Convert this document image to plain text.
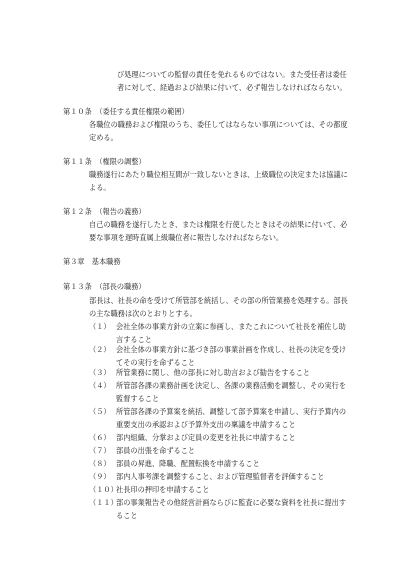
び処理についての監督の責任を免れるものではない。また受任者は委任
者に対して、経過および結果に付いて、必ず報告しなければならない。
第１０条　（委任する責任権限の範囲）
各職位の職務および権限のうち、委任してはならない事項については、その都度
定める。
第１１条　（権限の調整）
職務遂行にあたり職位相互間が一致しないときは、上級職位の決定または協議に
よる。
第１２条　（報告の義務）
自己の職務を遂行したとき、または権限を行使したときはその結果に付いて、必
要な事項を遅時直属上級職位者に報告しなければならない。
第３章　基本職務
第１３条　（部長の職務）
部長は、社長の命を受けて所管部を統括し、その部の所管業務を処理する。部長
の主な職務は次のとおりとする。
（１） 会社全体の事業方針の立案に参画し、またこれについて社長を補佐し助
言すること
（２） 会社全体の事業方針に基づき部の事業計画を作成し、社長の決定を受け
てその実行を命ずること
（３） 所管業務に関し、他の部長に対し助言および勧告をすること
（４） 所管部各課の業務計画を決定し、各課の業務活動を調整し、その実行を
監督すること
（５） 所管部各課の予算案を統括、調整して部予算案を申請し、実行予算内の
重要支出の承認および予算外支出の稟議を申請すること
（６） 部内組織、分掌および定員の変更を社長に申請すること
（７） 部員の出張を命ずること
（８） 部員の昇進、降職、配置転換を申請すること
（９） 部内人事考課を調整すること、および管理監督者を評価すること
（１０）
社長印の押印を申請すること
（１１）
部の事業報告その他経営計画ならびに監査に必要な資料を社長に提出す
ること
